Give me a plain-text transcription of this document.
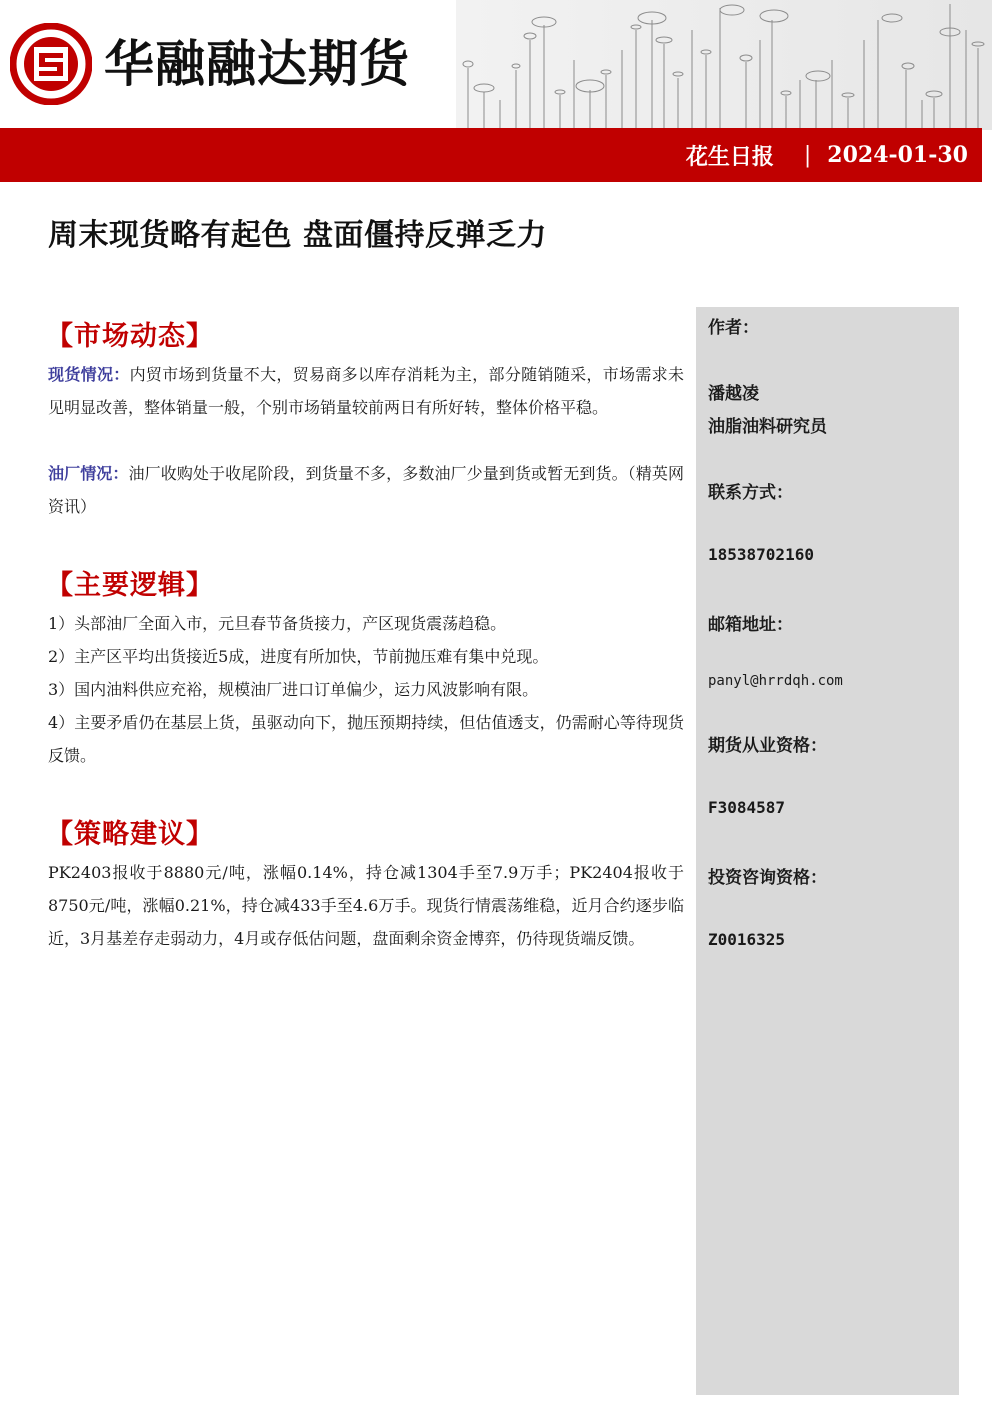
华融融达期货
花生日报 | 2024-01-30
周末现货略有起色 盘面僵持反弹乏力
【市场动态】
现货情况：内贸市场到货量不大，贸易商多以库存消耗为主，部分随销随采，市场需求未见明显改善，整体销量一般，个别市场销量较前两日有所好转，整体价格平稳。
油厂情况：油厂收购处于收尾阶段，到货量不多，多数油厂少量到货或暂无到货。（精英网资讯）
【主要逻辑】
1）头部油厂全面入市，元旦春节备货接力，产区现货震荡趋稳。
2）主产区平均出货接近5成，进度有所加快，节前抛压难有集中兑现。
3）国内油料供应充裕，规模油厂进口订单偏少，运力风波影响有限。
4）主要矛盾仍在基层上货，虽驱动向下，抛压预期持续，但估值透支，仍需耐心等待现货反馈。
【策略建议】
PK2403报收于8880元/吨，涨幅0.14%，持仓减1304手至7.9万手；PK2404报收于8750元/吨，涨幅0.21%，持仓减433手至4.6万手。现货行情震荡维稳，近月合约逐步临近，3月基差存走弱动力，4月或存低估问题，盘面剩余资金博弈，仍待现货端反馈。
作者：
潘越凌
油脂油料研究员
联系方式：
18538702160
邮箱地址：
panyl@hrrdqh.com
期货从业资格：
F3084587
投资咨询资格：
Z0016325
